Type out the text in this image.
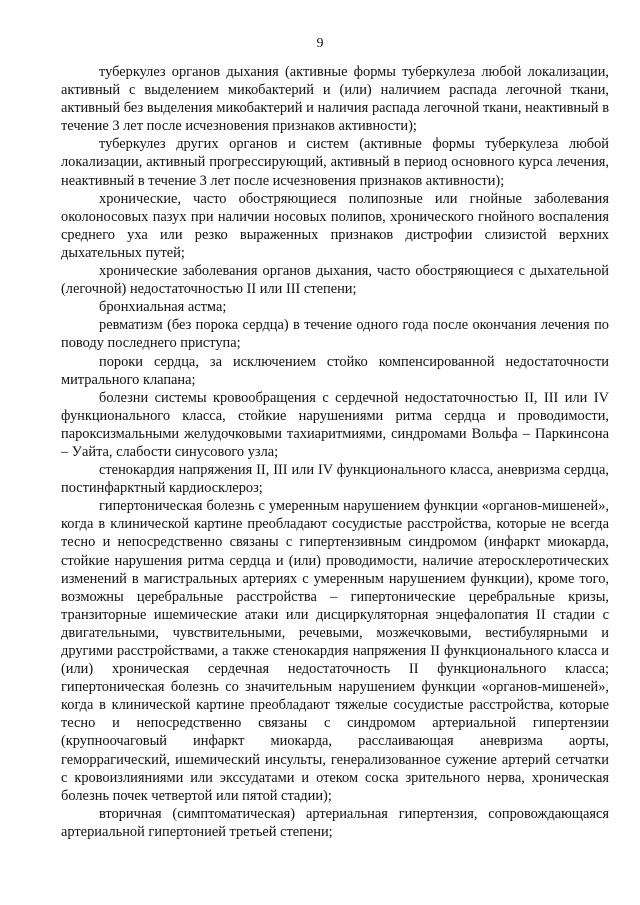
9

туберкулез органов дыхания (активные формы туберкулеза любой локализации, активный с выделением микобактерий и (или) наличием распада легочной ткани, активный без выделения микобактерий и наличия распада легочной ткани, неактивный в течение 3 лет после исчезновения признаков активности);

туберкулез других органов и систем (активные формы туберкулеза любой локализации, активный прогрессирующий, активный в период основного курса лечения, неактивный в течение 3 лет после исчезновения признаков активности);

хронические, часто обостряющиеся полипозные или гнойные заболевания околоносовых пазух при наличии носовых полипов, хронического гнойного воспаления среднего уха или резко выраженных признаков дистрофии слизистой верхних дыхательных путей;

хронические заболевания органов дыхания, часто обостряющиеся с дыхательной (легочной) недостаточностью II или III степени;

бронхиальная астма;

ревматизм (без порока сердца) в течение одного года после окончания лечения по поводу последнего приступа;

пороки сердца, за исключением стойко компенсированной недостаточности митрального клапана;

болезни системы кровообращения с сердечной недостаточностью II, III или IV функционального класса, стойкие нарушениями ритма сердца и проводимости, пароксизмальными желудочковыми тахиаритмиями, синдромами Вольфа – Паркинсона – Уайта, слабости синусового узла;

стенокардия напряжения II, III или IV функционального класса, аневризма сердца, постинфарктный кардиосклероз;

гипертоническая болезнь с умеренным нарушением функции «органов-мишеней», когда в клинической картине преобладают сосудистые расстройства, которые не всегда тесно и непосредственно связаны с гипертензивным синдромом (инфаркт миокарда, стойкие нарушения ритма сердца и (или) проводимости, наличие атеросклеротических изменений в магистральных артериях с умеренным нарушением функции), кроме того, возможны церебральные расстройства – гипертонические церебральные кризы, транзиторные ишемические атаки или дисциркуляторная энцефалопатия II стадии с двигательными, чувствительными, речевыми, мозжечковыми, вестибулярными и другими расстройствами, а также стенокардия напряжения II функционального класса и (или) хроническая сердечная недостаточность II функционального класса; гипертоническая болезнь со значительным нарушением функции «органов-мишеней», когда в клинической картине преобладают тяжелые сосудистые расстройства, которые тесно и непосредственно связаны с синдромом артериальной гипертензии (крупноочаговый инфаркт миокарда, расслаивающая аневризма аорты, геморрагический, ишемический инсульты, генерализованное сужение артерий сетчатки с кровоизлияниями или экссудатами и отеком соска зрительного нерва, хроническая болезнь почек четвертой или пятой стадии);

вторичная (симптоматическая) артериальная гипертензия, сопровождающаяся артериальной гипертонией третьей степени;
